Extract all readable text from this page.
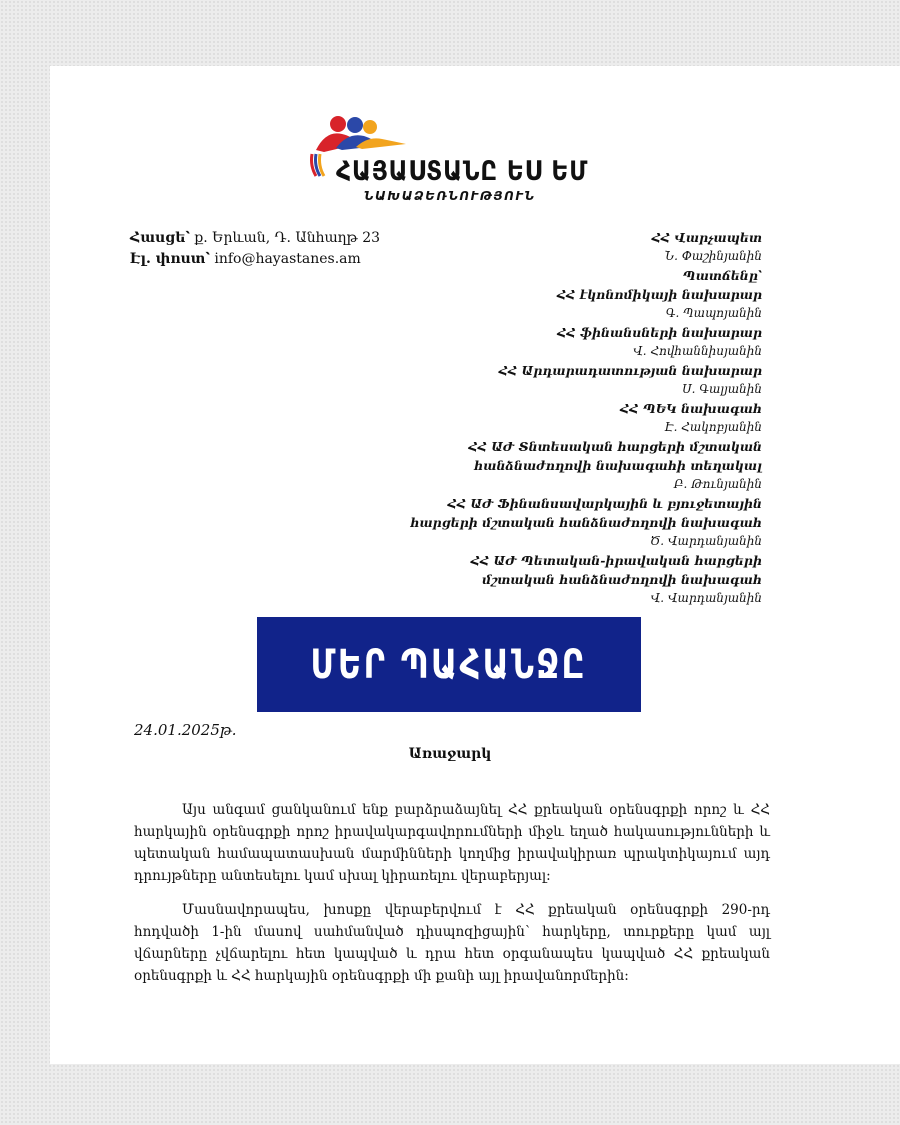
ՀԱՅԱՍՏԱՆԸ ԵՍ ԵՄ
ՆԱԽԱՁԵՌՆՈՒԹՅՈՒՆ
Հասցե՝ ք. Երևան, Դ. Անհաղթ 23
Էլ. փոստ՝ info@hayastanes.am
ՀՀ Վարչապետ
Ն. Փաշինյանին
Պատճենը՝
ՀՀ էկոնոմիկայի նախարար
Գ. Պապոյանին
ՀՀ ֆինանսների նախարար
Վ. Հովհաննիսյանին
ՀՀ Արդարադատության նախարար
Ս. Գալյանին
ՀՀ ՊԵԿ նախագահ
Է. Հակոբյանին
ՀՀ ԱԺ Տնտեսական հարցերի մշտական հանձնաժողովի նախագահի տեղակալ
Բ. Թունյանին
ՀՀ ԱԺ Ֆինանսավարկային և բյուջետային հարցերի մշտական հանձնաժողովի նախագահ
Ծ. Վարդանյանին
ՀՀ ԱԺ Պետական-իրավական հարցերի մշտական հանձնաժողովի նախագահ
Վ. Վարդանյանին
ՄԵՐ ՊԱՀԱՆՋԸ
24.01.2025թ.
Առաջարկ

Այս անգամ ցանկանում ենք բարձրաձայնել ՀՀ քրեական օրենսգրքի որոշ և ՀՀ հարկային օրենսգրքի որոշ իրավակարգավորումների միջև եղած հակասությունների և պետական համապատասխան մարմինների կողմից իրավակիրառ պրակտիկայում այդ դրույթները անտեսելու կամ սխալ կիրառելու վերաբերյալ։

Մասնավորապես, խոսքը վերաբերվում է ՀՀ քրեական օրենսգրքի 290-րդ հոդվածի 1-ին մասով սահմանված դիսպոզիցային՝ հարկերը, տուրքերը կամ այլ վճարները չվճարելու հետ կապված և դրա հետ օրգանապես կապված ՀՀ քրեական օրենսգրքի և ՀՀ հարկային օրենսգրքի մի քանի այլ իրավանորմերին։
